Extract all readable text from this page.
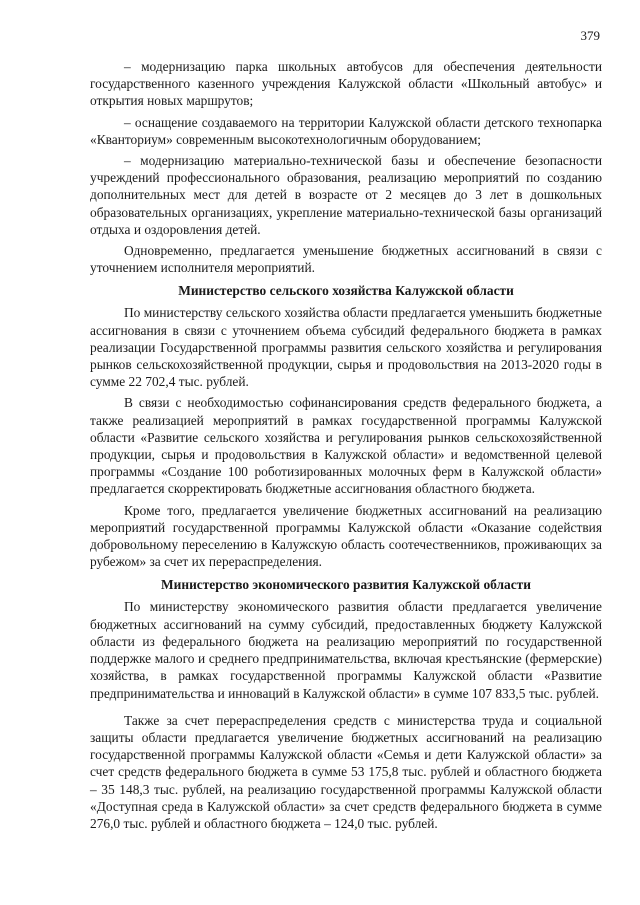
379

– модернизацию парка школьных автобусов для обеспечения деятельности государственного казенного учреждения Калужской области «Школьный автобус» и открытия новых маршрутов;

– оснащение создаваемого на территории Калужской области детского технопарка «Кванториум» современным высокотехнологичным оборудованием;

– модернизацию материально-технической базы и обеспечение безопасности учреждений профессионального образования, реализацию мероприятий по созданию дополнительных мест для детей в возрасте от 2 месяцев до 3 лет в дошкольных образовательных организациях, укрепление материально-технической базы организаций отдыха и оздоровления детей.

Одновременно, предлагается уменьшение бюджетных ассигнований в связи с уточнением исполнителя мероприятий.

Министерство сельского хозяйства Калужской области

По министерству сельского хозяйства области предлагается уменьшить бюджетные ассигнования в связи с уточнением объема субсидий федерального бюджета в рамках реализации Государственной программы развития сельского хозяйства и регулирования рынков сельскохозяйственной продукции, сырья и продовольствия на 2013-2020 годы в сумме 22 702,4 тыс. рублей.

В связи с необходимостью софинансирования средств федерального бюджета, а также реализацией мероприятий в рамках государственной программы Калужской области «Развитие сельского хозяйства и регулирования рынков сельскохозяйственной продукции, сырья и продовольствия в Калужской области» и ведомственной целевой программы «Создание 100 роботизированных молочных ферм в Калужской области» предлагается скорректировать бюджетные ассигнования областного бюджета.

Кроме того, предлагается увеличение бюджетных ассигнований на реализацию мероприятий государственной программы Калужской области «Оказание содействия добровольному переселению в Калужскую область соотечественников, проживающих за рубежом» за счет их перераспределения.

Министерство экономического развития Калужской области

По министерству экономического развития области предлагается увеличение бюджетных ассигнований на сумму субсидий, предоставленных бюджету Калужской области из федерального бюджета на реализацию мероприятий по государственной поддержке малого и среднего предпринимательства, включая крестьянские (фермерские) хозяйства, в рамках государственной программы Калужской области «Развитие предпринимательства и инноваций в Калужской области» в сумме 107 833,5 тыс. рублей.

Также за счет перераспределения средств с министерства труда и социальной защиты области предлагается увеличение бюджетных ассигнований на реализацию государственной программы Калужской области «Семья и дети Калужской области» за счет средств федерального бюджета в сумме 53 175,8 тыс. рублей и областного бюджета – 35 148,3 тыс. рублей, на реализацию государственной программы Калужской области «Доступная среда в Калужской области» за счет средств федерального бюджета в сумме 276,0 тыс. рублей и областного бюджета – 124,0 тыс. рублей.
